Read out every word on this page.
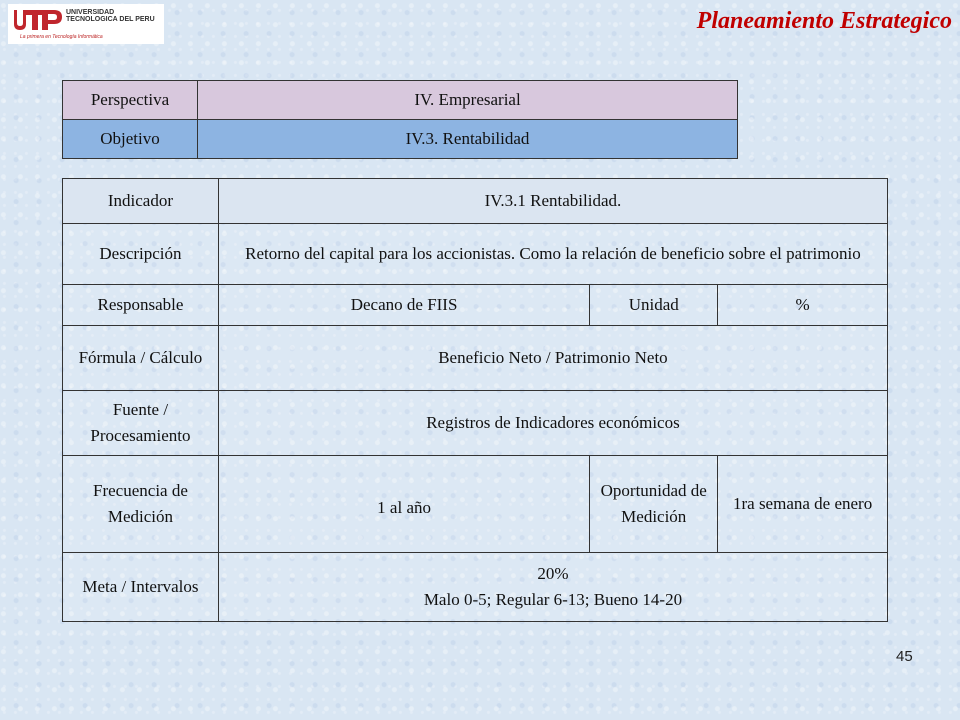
UNIVERSIDAD TECNOLOGICA DEL PERU
La primera en Tecnología Informática
Planeamiento Estrategico
Perspectiva	IV. Empresarial
Objetivo	IV.3. Rentabilidad
Indicador	IV.3.1 Rentabilidad.		
Descripción	Retorno del capital para los accionistas. Como la relación de beneficio sobre el patrimonio		
Responsable	Decano de FIIS	Unidad	%
Fórmula / Cálculo	Beneficio Neto / Patrimonio Neto		
Fuente / Procesamiento	Registros de Indicadores económicos		
Frecuencia de Medición	1 al año	Oportunidad de Medición	1ra semana de enero
Meta / Intervalos	20%
Malo 0-5; Regular 6-13; Bueno 14-20		
45
